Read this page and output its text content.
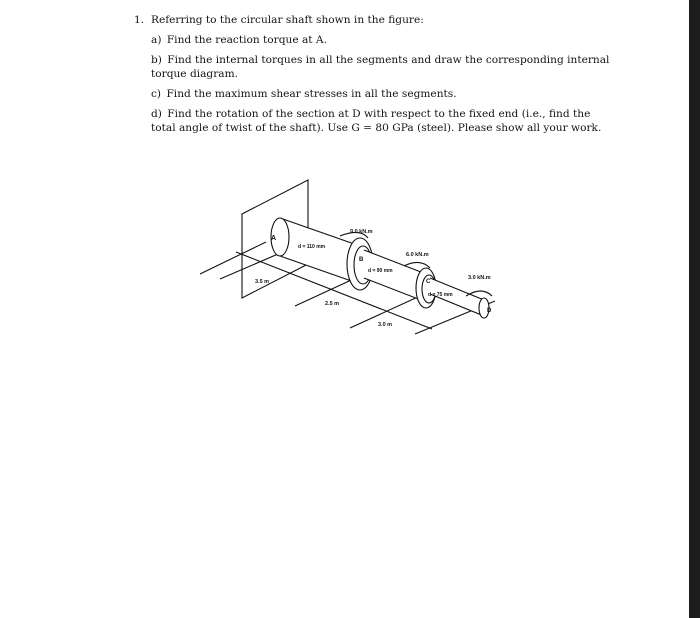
1. Referring to the circular shaft shown in the figure:
a) Find the reaction torque at A.
b) Find the internal torques in all the segments and draw the corresponding internal torque diagram.
c) Find the maximum shear stresses in all the segments.
d) Find the rotation of the section at D with respect to the fixed end (i.e., find the total angle of twist of the shaft). Use G = 80 GPa (steel). Please show all your work.
A
B
C
D
9.0 kN.m
6.0 kN.m
3.0 kN.m
d = 110 mm
d = 90 mm
d = 75 mm
3.5 m
2.5 m
3.0 m
